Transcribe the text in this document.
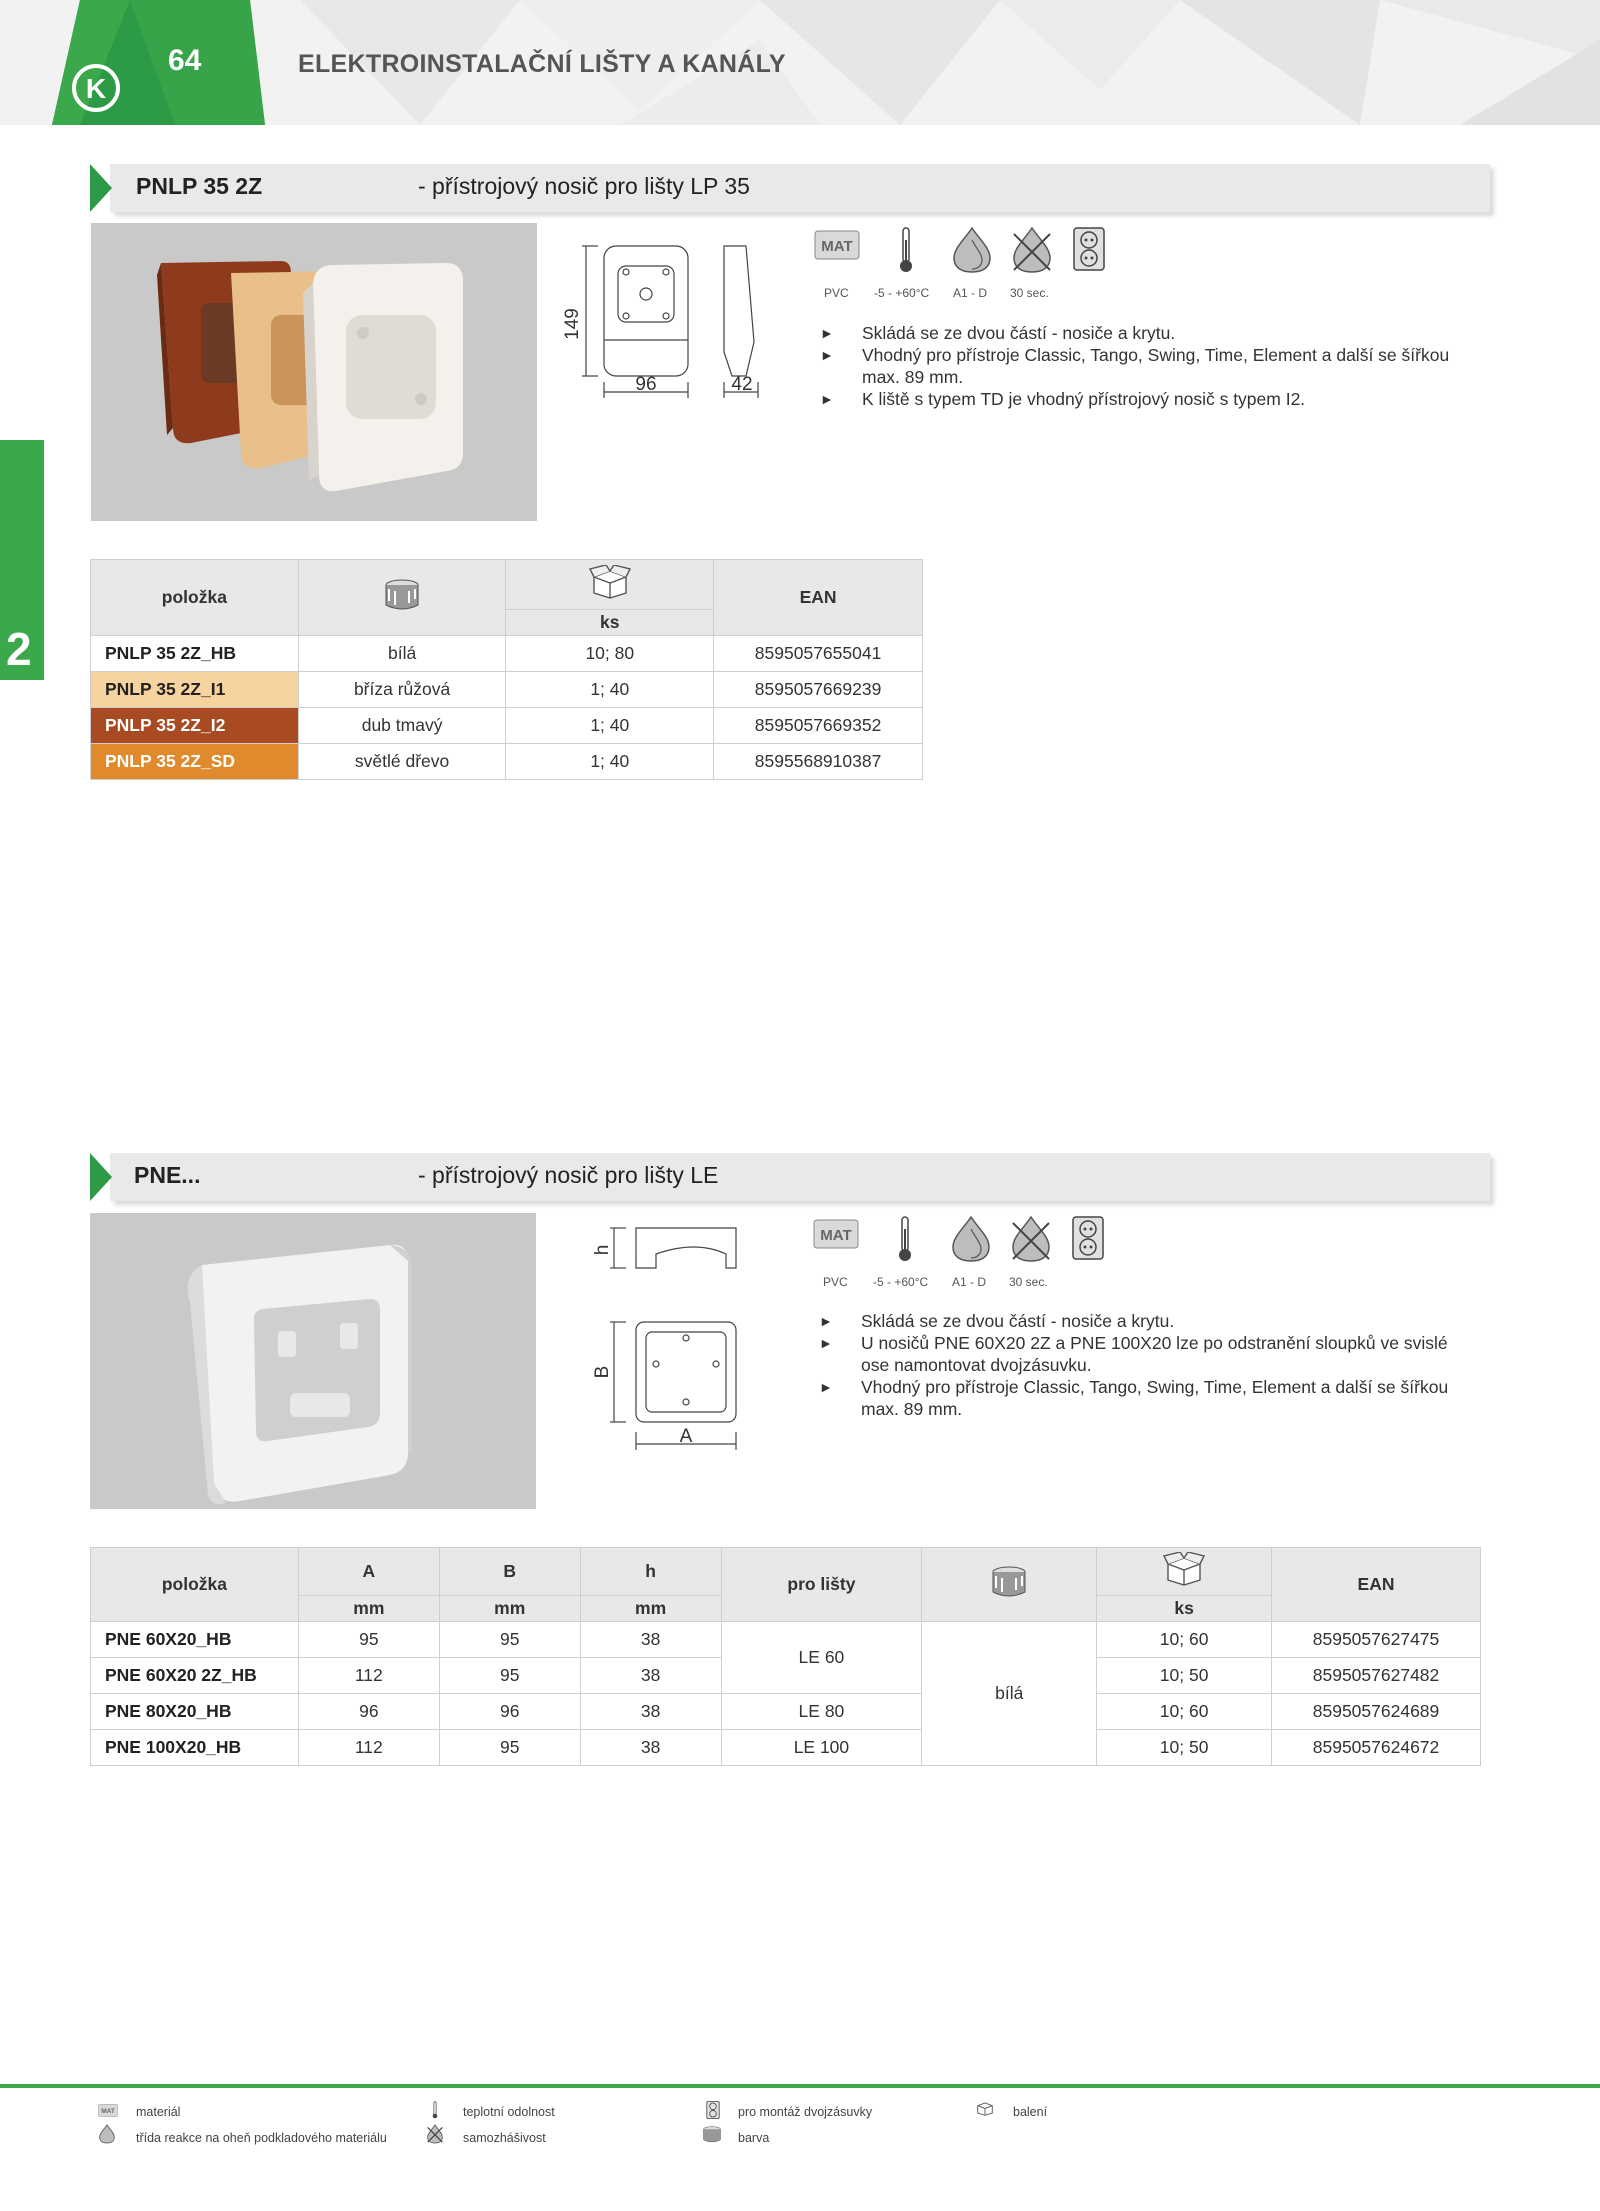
K
64	ELEKTROINSTALAČNÍ LIŠTY A KANÁLY
2
PNLP 35 2Z	- přístrojový nosič pro lišty LP 35
149
96	42
MAT
PVC -5 - +60°C A1 - D 30 sec.
► Skládá se ze dvou částí - nosiče a krytu.
► Vhodný pro přístroje Classic, Tango, Swing, Time, Element a další se šířkou max. 89 mm.
► K liště s typem TD je vhodný přístrojový nosič s typem I2.
položka			EAN
		ks	
PNLP 35 2Z_HB	bílá	10; 80	8595057655041
PNLP 35 2Z_I1	bříza růžová	1; 40	8595057669239
PNLP 35 2Z_I2	dub tmavý	1; 40	8595057669352
PNLP 35 2Z_SD	světlé dřevo	1; 40	8595568910387
PNE...	- přístrojový nosič pro lišty LE
h
B
A
MAT
PVC -5 - +60°C A1 - D 30 sec.
► Skládá se ze dvou částí - nosiče a krytu.
► U nosičů PNE 60X20 2Z a PNE 100X20 lze po odstranění sloupků ve svislé ose namontovat dvojzásuvku.
► Vhodný pro přístroje Classic, Tango, Swing, Time, Element a další se šířkou max. 89 mm.
položka	A	B	h	pro lišty			EAN
	mm	mm	mm			ks	
PNE 60X20_HB	95	95	38	LE 60	bílá	10; 60	8595057627475
PNE 60X20 2Z_HB	112	95	38			10; 50	8595057627482
PNE 80X20_HB	96	96	38	LE 80		10; 60	8595057624689
PNE 100X20_HB	112	95	38	LE 100		10; 50	8595057624672
MAT materiál	teplotní odolnost	pro montáž dvojzásuvky	balení
třída reakce na oheň podkladového materiálu	samozhášivost	barva
